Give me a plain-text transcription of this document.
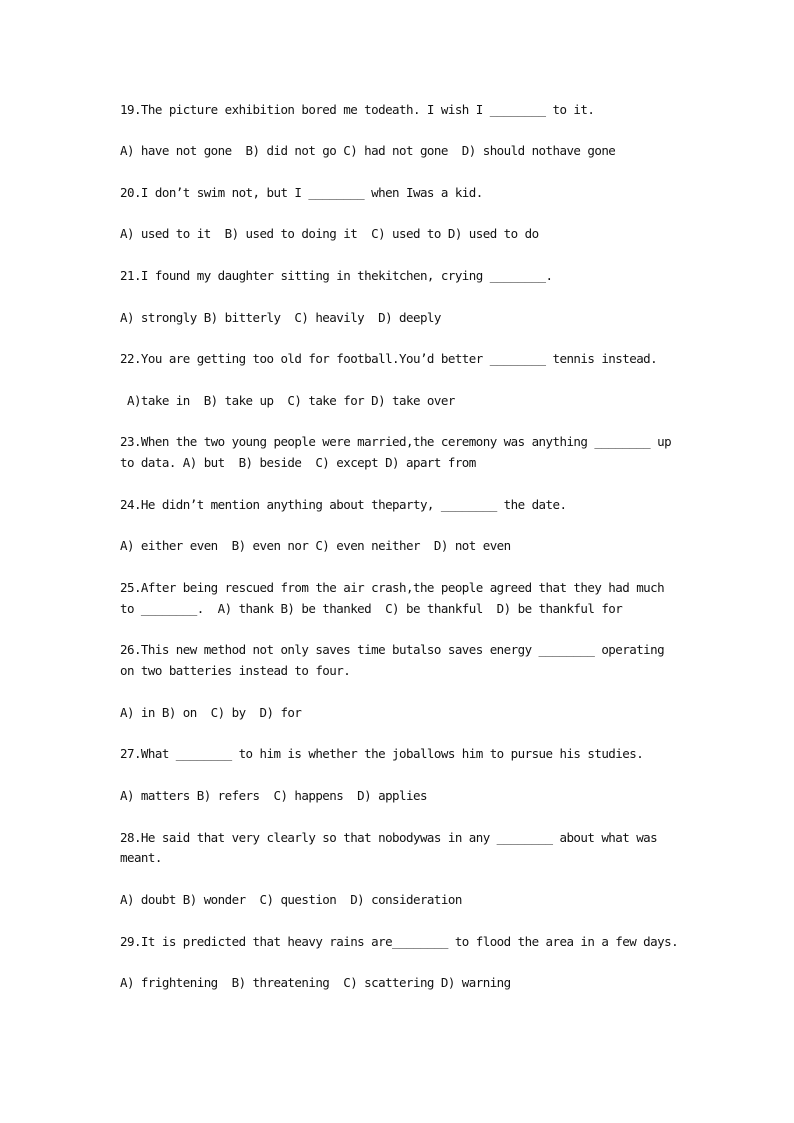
19.The picture exhibition bored me todeath. I wish I ________ to it.
A) have not gone  B) did not go C) had not gone  D) should nothave gone
20.I don’t swim not, but I ________ when Iwas a kid.
A) used to it  B) used to doing it  C) used to D) used to do
21.I found my daughter sitting in thekitchen, crying ________.
A) strongly B) bitterly  C) heavily  D) deeply
22.You are getting too old for football.You’d better ________ tennis instead.
A)take in  B) take up  C) take for D) take over
23.When the two young people were married,the ceremony was anything ________ up
to data. A) but  B) beside  C) except D) apart from
24.He didn’t mention anything about theparty, ________ the date.
A) either even  B) even nor C) even neither  D) not even
25.After being rescued from the air crash,the people agreed that they had much
to ________.  A) thank B) be thanked  C) be thankful  D) be thankful for
26.This new method not only saves time butalso saves energy ________ operating
on two batteries instead to four.
A) in B) on  C) by  D) for
27.What ________ to him is whether the joballows him to pursue his studies.
A) matters B) refers  C) happens  D) applies
28.He said that very clearly so that nobodywas in any ________ about what was
meant.
A) doubt B) wonder  C) question  D) consideration
29.It is predicted that heavy rains are________ to flood the area in a few days.
A) frightening  B) threatening  C) scattering D) warning
